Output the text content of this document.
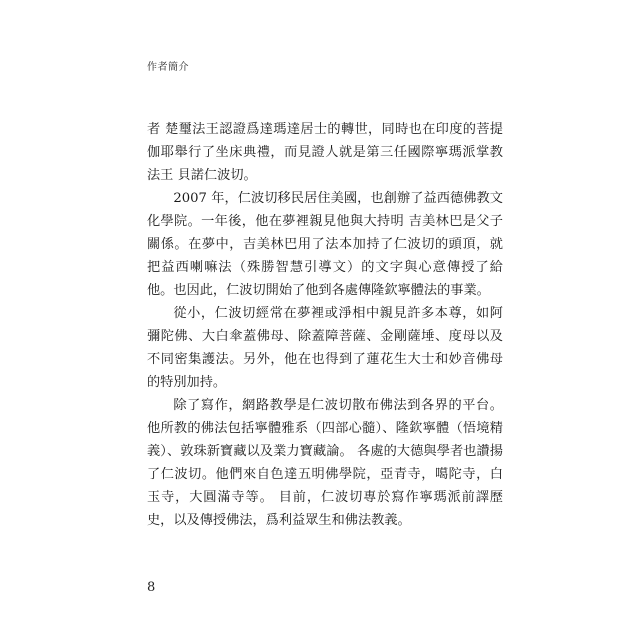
作者簡介

者 楚璽法王認證爲達瑪達居士的轉世，同時也在印度的菩提伽耶舉行了坐床典禮，而見證人就是第三任國際寧瑪派掌教法王 貝諾仁波切。

2007 年，仁波切移民居住美國，也創辦了益西德佛教文化學院。一年後，他在夢裡親見他與大持明 吉美林巴是父子關係。在夢中，吉美林巴用了法本加持了仁波切的頭頂，就把益西喇嘛法（殊勝智慧引導文）的文字與心意傳授了給他。也因此，仁波切開始了他到各處傳隆欽寧體法的事業。

從小，仁波切經常在夢裡或淨相中親見許多本尊，如阿彌陀佛、大白傘蓋佛母、除蓋障菩薩、金剛薩埵、度母以及不同密集護法。另外，他在也得到了蓮花生大士和妙音佛母的特別加持。

除了寫作，網路教學是仁波切散布佛法到各界的平台。他所教的佛法包括寧體雅系（四部心髓）、隆欽寧體（悟境精義）、敦珠新寶藏以及業力寶藏論。 各處的大德與學者也讚揚了仁波切。他們來自色達五明佛學院，亞青寺，噶陀寺，白玉寺，大圓滿寺等。 目前，仁波切專於寫作寧瑪派前譯歷史，以及傳授佛法，爲利益眾生和佛法教義。

8
